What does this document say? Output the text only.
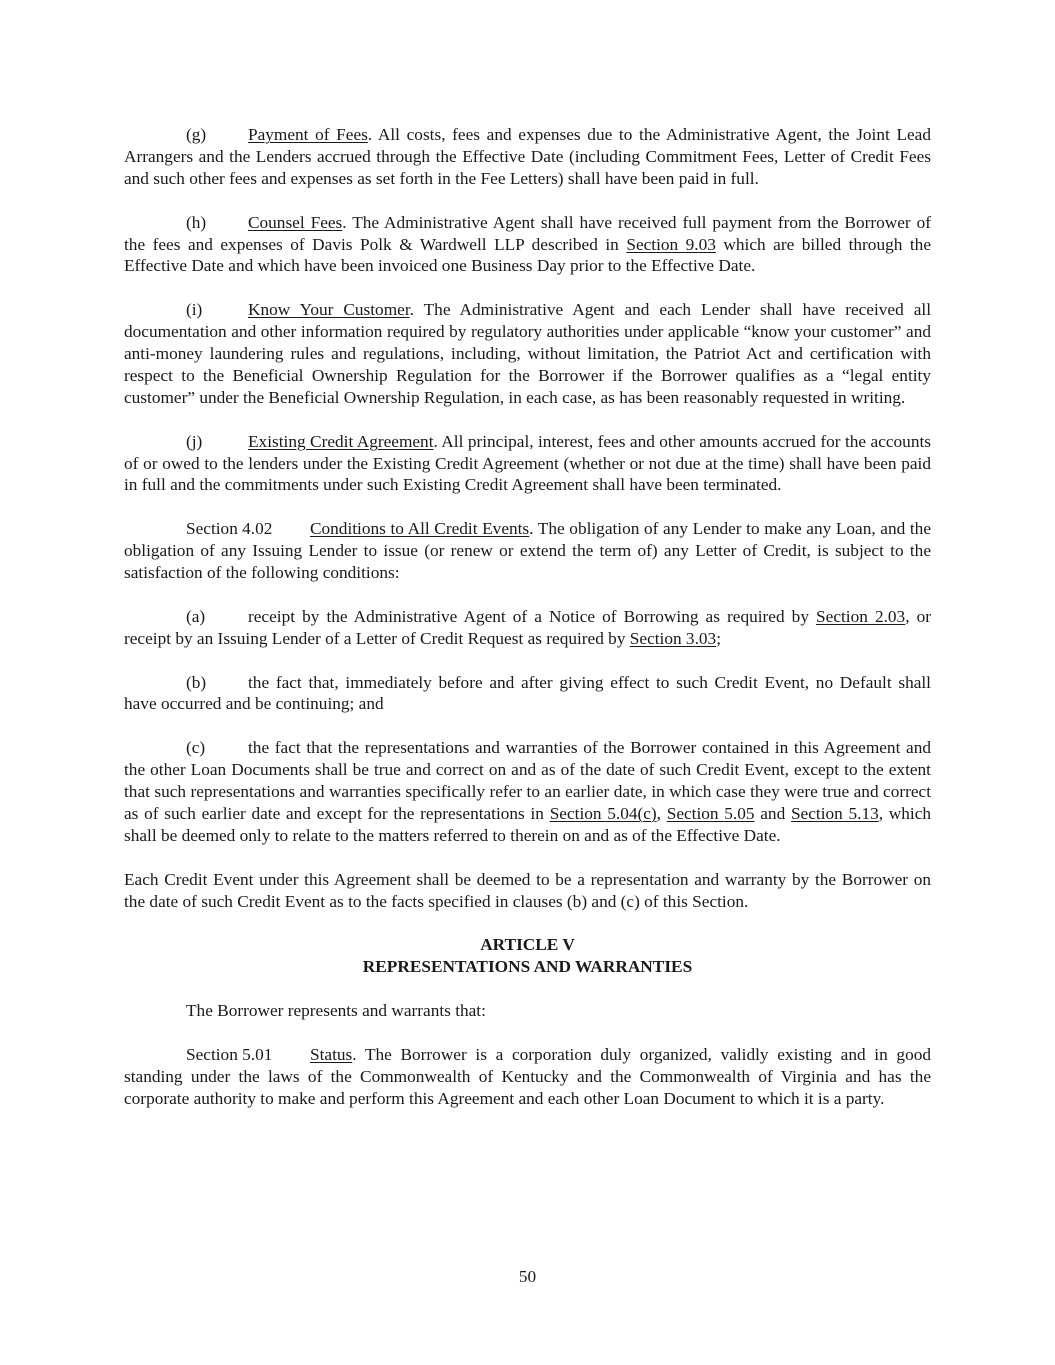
(g) Payment of Fees. All costs, fees and expenses due to the Administrative Agent, the Joint Lead Arrangers and the Lenders accrued through the Effective Date (including Commitment Fees, Letter of Credit Fees and such other fees and expenses as set forth in the Fee Letters) shall have been paid in full.

(h) Counsel Fees. The Administrative Agent shall have received full payment from the Borrower of the fees and expenses of Davis Polk & Wardwell LLP described in Section 9.03 which are billed through the Effective Date and which have been invoiced one Business Day prior to the Effective Date.

(i)	Know Your Customer. The Administrative Agent and each Lender shall have received all documentation and other information required by regulatory authorities under applicable “know your customer” and anti-money laundering rules and regulations, including, without limitation, the Patriot Act and certification with respect to the Beneficial Ownership Regulation for the Borrower if the Borrower qualifies as a “legal entity customer” under the Beneficial Ownership Regulation, in each case, as has been reasonably requested in writing.

(j)	Existing Credit Agreement. All principal, interest, fees and other amounts accrued for the accounts of or owed to the lenders under the Existing Credit Agreement (whether or not due at the time) shall have been paid in full and the commitments under such Existing Credit Agreement shall have been terminated.

Section 4.02 Conditions to All Credit Events. The obligation of any Lender to make any Loan, and the obligation of any Issuing Lender to issue (or renew or extend the term of) any Letter of Credit, is subject to the satisfaction of the following conditions:

(a) receipt by the Administrative Agent of a Notice of Borrowing as required by Section 2.03, or receipt by an Issuing Lender of a Letter of Credit Request as required by Section 3.03;

(b) the fact that, immediately before and after giving effect to such Credit Event, no Default shall have occurred and be continuing; and

(c) the fact that the representations and warranties of the Borrower contained in this Agreement and the other Loan Documents shall be true and correct on and as of the date of such Credit Event, except to the extent that such representations and warranties specifically refer to an earlier date, in which case they were true and correct as of such earlier date and except for the representations in Section 5.04(c), Section 5.05 and Section 5.13, which shall be deemed only to relate to the matters referred to therein on and as of the Effective Date.

Each Credit Event under this Agreement shall be deemed to be a representation and warranty by the Borrower on the date of such Credit Event as to the facts specified in clauses (b) and (c) of this Section.

ARTICLE V
REPRESENTATIONS AND WARRANTIES

The Borrower represents and warrants that:

Section 5.01 Status. The Borrower is a corporation duly organized, validly existing and in good standing under the laws of the Commonwealth of Kentucky and the Commonwealth of Virginia and has the corporate authority to make and perform this Agreement and each other Loan Document to which it is a party.

50
